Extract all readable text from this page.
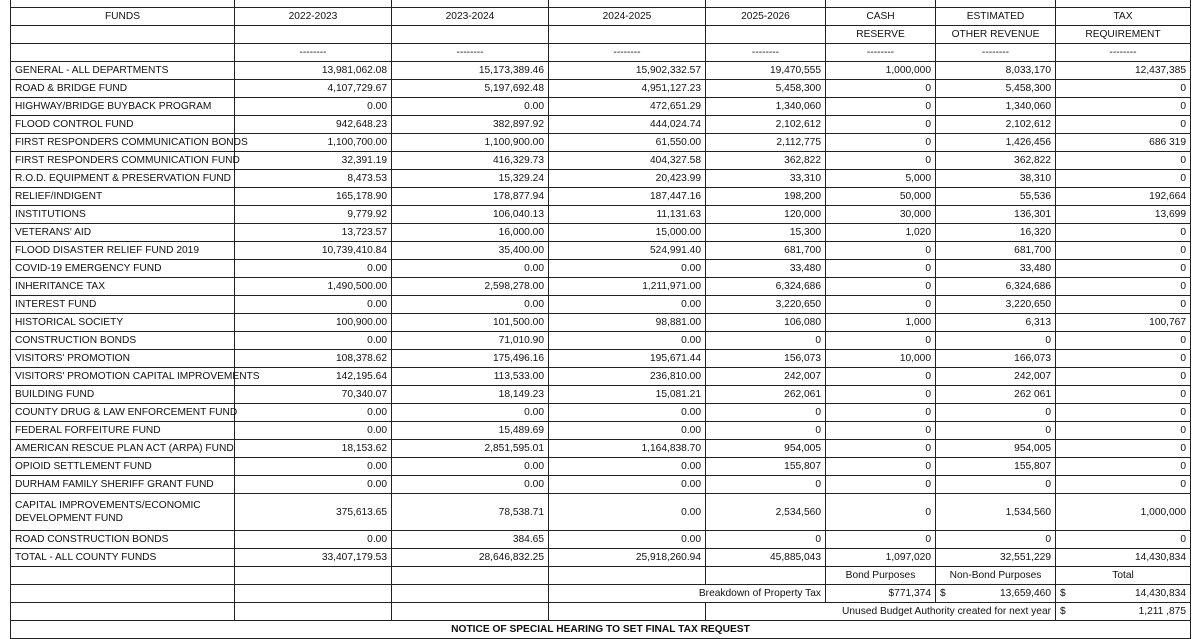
FUNDS	2022-2023	2023-2024	2024-2025	2025-2026	CASH	ESTIMATED	TAX
					RESERVE	OTHER REVENUE	REQUIREMENT
	--------	--------	--------	--------	--------	--------	--------
GENERAL - ALL DEPARTMENTS	13,981,062.08	15,173,389.46	15,902,332.57	19,470,555	1,000,000	8,033,170	12,437,385
ROAD & BRIDGE FUND	4,107,729.67	5,197,692.48	4,951,127.23	5,458,300	0	5,458,300	0
HIGHWAY/BRIDGE BUYBACK PROGRAM	0.00	0.00	472,651.29	1,340,060	0	1,340,060	0
FLOOD CONTROL FUND	942,648.23	382,897.92	444,024.74	2,102,612	0	2,102,612	0
FIRST RESPONDERS COMMUNICATION BONDS	1,100,700.00	1,100,900.00	61,550.00	2,112,775	0	1,426,456	686 319
FIRST RESPONDERS COMMUNICATION FUND	32,391.19	416,329.73	404,327.58	362,822	0	362,822	0
R.O.D. EQUIPMENT & PRESERVATION FUND	8,473.53	15,329.24	20,423.99	33,310	5,000	38,310	0
RELIEF/INDIGENT	165,178.90	178,877.94	187,447.16	198,200	50,000	55,536	192,664
INSTITUTIONS	9,779.92	106,040.13	11,131.63	120,000	30,000	136,301	13,699
VETERANS' AID	13,723.57	16,000.00	15,000.00	15,300	1,020	16,320	0
FLOOD DISASTER RELIEF FUND 2019	10,739,410.84	35,400.00	524,991.40	681,700	0	681,700	0
COVID-19 EMERGENCY FUND	0.00	0.00	0.00	33,480	0	33,480	0
INHERITANCE TAX	1,490,500.00	2,598,278.00	1,211,971.00	6,324,686	0	6,324,686	0
INTEREST FUND	0.00	0.00	0.00	3,220,650	0	3,220,650	0
HISTORICAL SOCIETY	100,900.00	101,500.00	98,881.00	106,080	1,000	6,313	100,767
CONSTRUCTION BONDS	0.00	71,010.90	0.00	0	0	0	0
VISITORS' PROMOTION	108,378.62	175,496.16	195,671.44	156,073	10,000	166,073	0
VISITORS' PROMOTION CAPITAL IMPROVEMENTS	142,195.64	113,533.00	236,810.00	242,007	0	242,007	0
BUILDING FUND	70,340.07	18,149.23	15,081.21	262,061	0	262 061	0
COUNTY DRUG & LAW ENFORCEMENT FUND	0.00	0.00	0.00	0	0	0	0
FEDERAL FORFEITURE FUND	0.00	15,489.69	0.00	0	0	0	0
AMERICAN RESCUE PLAN ACT (ARPA) FUND	18,153.62	2,851,595.01	1,164,838.70	954,005	0	954,005	0
OPIOID SETTLEMENT FUND	0.00	0.00	0.00	155,807	0	155,807	0
DURHAM FAMILY SHERIFF GRANT FUND	0.00	0.00	0.00	0	0	0	0
CAPITAL IMPROVEMENTS/ECONOMIC DEVELOPMENT FUND	375,613.65	78,538.71	0.00	2,534,560	0	1,534,560	1,000,000
ROAD CONSTRUCTION BONDS	0.00	384.65	0.00	0	0	0	0
TOTAL - ALL COUNTY FUNDS	33,407,179.53	28,646,832.25	25,918,260.94	45,885,043	1,097,020	32,551,229	14,430,834
					Bond Purposes	Non-Bond Purposes	Total
			Breakdown of Property Tax		$771,374	$ 13,659,460	$ 14,430,834

				Unused Budget Authority created for next year			$ 1,211 ,875

NOTICE OF SPECIAL HEARING TO SET FINAL TAX REQUEST							
